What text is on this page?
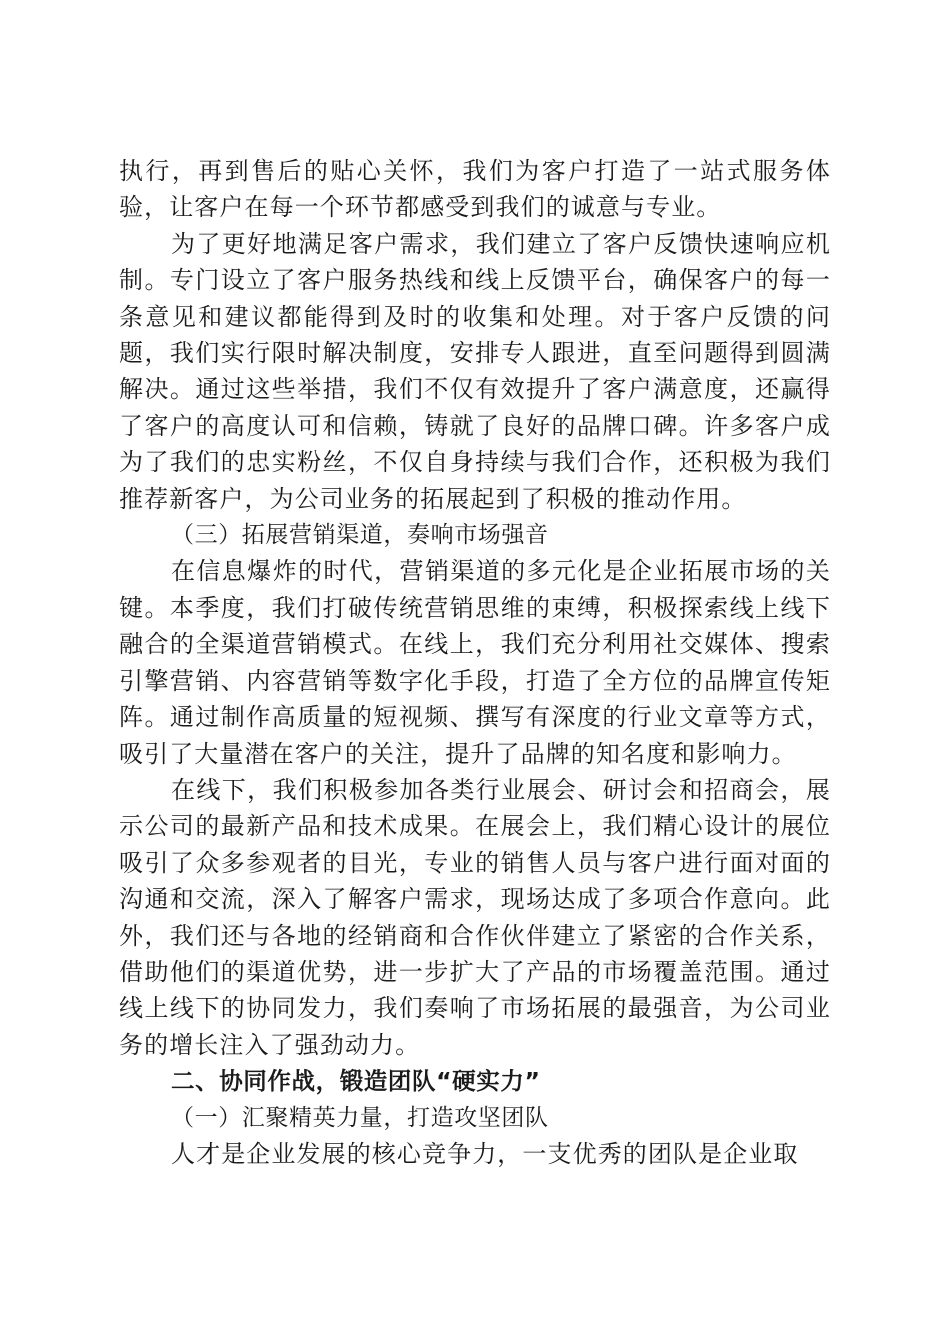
执行，再到售后的贴心关怀，我们为客户打造了一站式服务体验，让客户在每一个环节都感受到我们的诚意与专业。

为了更好地满足客户需求，我们建立了客户反馈快速响应机制。专门设立了客户服务热线和线上反馈平台，确保客户的每一条意见和建议都能得到及时的收集和处理。对于客户反馈的问题，我们实行限时解决制度，安排专人跟进，直至问题得到圆满解决。通过这些举措，我们不仅有效提升了客户满意度，还赢得了客户的高度认可和信赖，铸就了良好的品牌口碑。许多客户成为了我们的忠实粉丝，不仅自身持续与我们合作，还积极为我们推荐新客户，为公司业务的拓展起到了积极的推动作用。

（三）拓展营销渠道，奏响市场强音

在信息爆炸的时代，营销渠道的多元化是企业拓展市场的关键。本季度，我们打破传统营销思维的束缚，积极探索线上线下融合的全渠道营销模式。在线上，我们充分利用社交媒体、搜索引擎营销、内容营销等数字化手段，打造了全方位的品牌宣传矩阵。通过制作高质量的短视频、撰写有深度的行业文章等方式，吸引了大量潜在客户的关注，提升了品牌的知名度和影响力。

在线下，我们积极参加各类行业展会、研讨会和招商会，展示公司的最新产品和技术成果。在展会上，我们精心设计的展位吸引了众多参观者的目光，专业的销售人员与客户进行面对面的沟通和交流，深入了解客户需求，现场达成了多项合作意向。此外，我们还与各地的经销商和合作伙伴建立了紧密的合作关系，借助他们的渠道优势，进一步扩大了产品的市场覆盖范围。通过线上线下的协同发力，我们奏响了市场拓展的最强音，为公司业务的增长注入了强劲动力。

二、协同作战，锻造团队“硬实力”

（一）汇聚精英力量，打造攻坚团队

人才是企业发展的核心竞争力，一支优秀的团队是企业取
